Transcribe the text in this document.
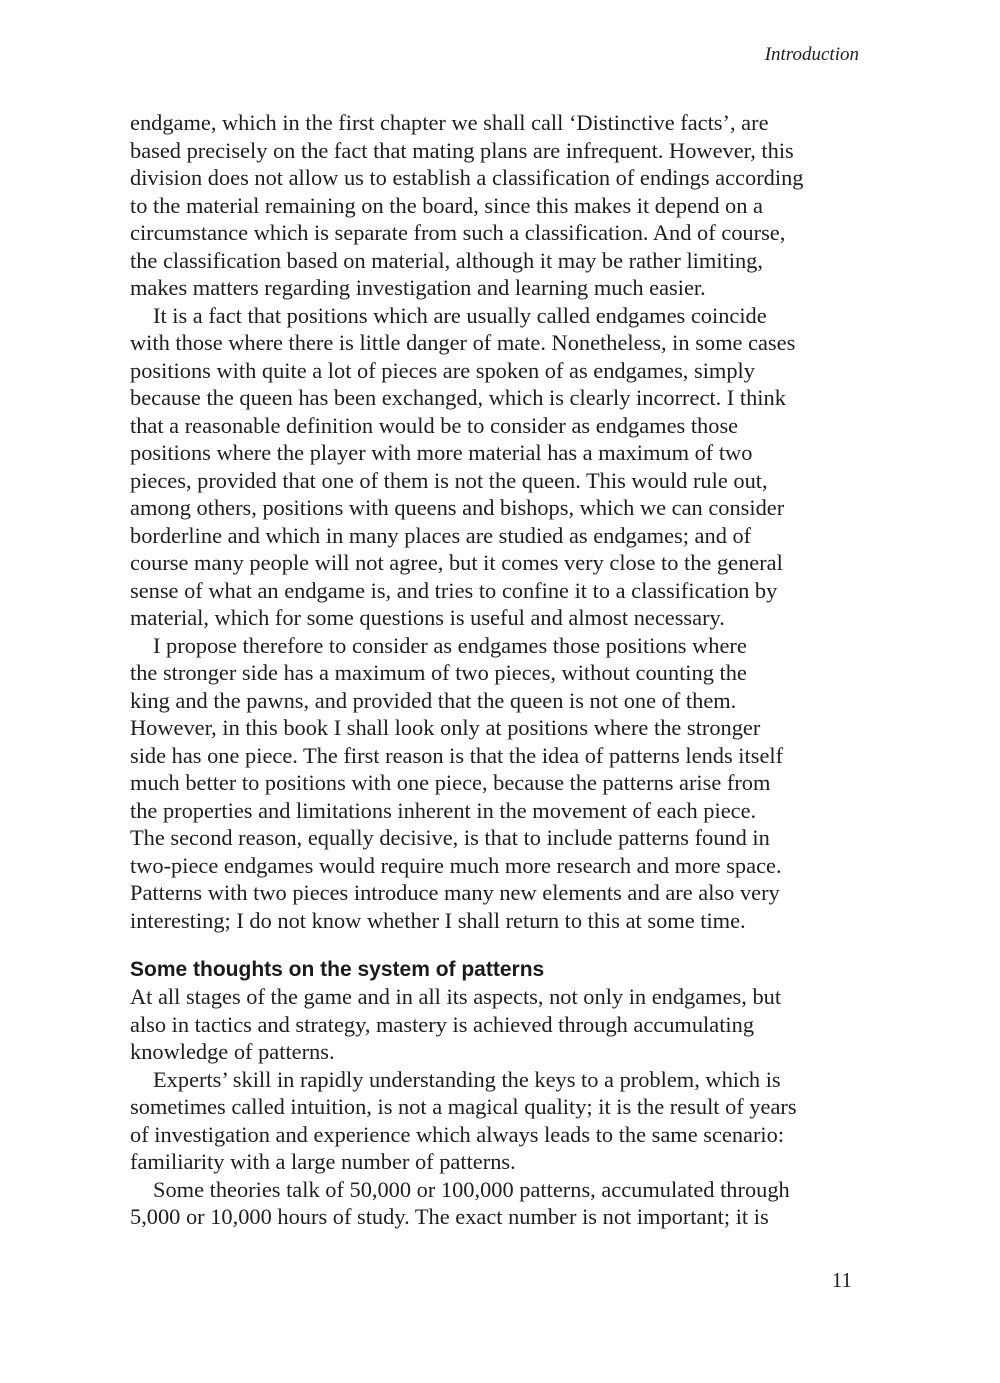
Introduction

endgame, which in the first chapter we shall call ‘Distinctive facts’, are
based precisely on the fact that mating plans are infrequent. However, this
division does not allow us to establish a classification of endings according
to the material remaining on the board, since this makes it depend on a
circumstance which is separate from such a classification. And of course,
the classification based on material, although it may be rather limiting,
makes matters regarding investigation and learning much easier.

It is a fact that positions which are usually called endgames coincide
with those where there is little danger of mate. Nonetheless, in some cases
positions with quite a lot of pieces are spoken of as endgames, simply
because the queen has been exchanged, which is clearly incorrect. I think
that a reasonable definition would be to consider as endgames those
positions where the player with more material has a maximum of two
pieces, provided that one of them is not the queen. This would rule out,
among others, positions with queens and bishops, which we can consider
borderline and which in many places are studied as endgames; and of
course many people will not agree, but it comes very close to the general
sense of what an endgame is, and tries to confine it to a classification by
material, which for some questions is useful and almost necessary.

I propose therefore to consider as endgames those positions where
the stronger side has a maximum of two pieces, without counting the
king and the pawns, and provided that the queen is not one of them.
However, in this book I shall look only at positions where the stronger
side has one piece. The first reason is that the idea of patterns lends itself
much better to positions with one piece, because the patterns arise from
the properties and limitations inherent in the movement of each piece.
The second reason, equally decisive, is that to include patterns found in
two-piece endgames would require much more research and more space.
Patterns with two pieces introduce many new elements and are also very
interesting; I do not know whether I shall return to this at some time.

Some thoughts on the system of patterns

At all stages of the game and in all its aspects, not only in endgames, but
also in tactics and strategy, mastery is achieved through accumulating
knowledge of patterns.

Experts’ skill in rapidly understanding the keys to a problem, which is
sometimes called intuition, is not a magical quality; it is the result of years
of investigation and experience which always leads to the same scenario:
familiarity with a large number of patterns.

Some theories talk of 50,000 or 100,000 patterns, accumulated through
5,000 or 10,000 hours of study. The exact number is not important; it is

11
